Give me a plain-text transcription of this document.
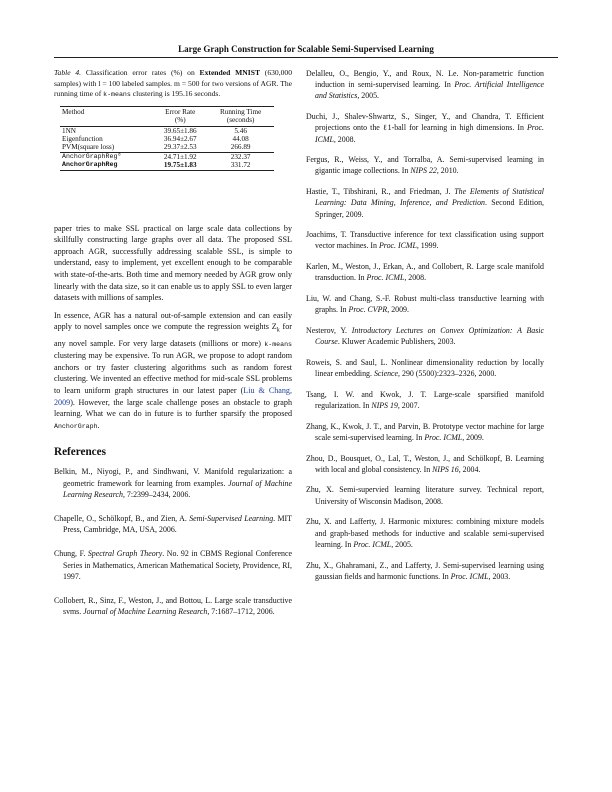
Large Graph Construction for Scalable Semi-Supervised Learning
Table 4. Classification error rates (%) on Extended MNIST (630,000 samples) with l = 100 labeled samples. m = 500 for two versions of AGR. The running time of k-means clustering is 195.16 seconds.
Method	Error Rate	Running Time
	(%)	(seconds)
1NN	39.65±1.86	5.46
Eigenfunction	36.94±2.67	44.08
PVM(square loss)	29.37±2.53	266.89
AnchorGraphReg⁰	24.71±1.92	232.37
AnchorGraphReg	19.75±1.83	331.72

paper tries to make SSL practical on large scale data collections by skillfully constructing large graphs over all data. The proposed SSL approach AGR, successfully addressing scalable SSL, is simple to understand, easy to implement, yet excellent enough to be comparable with state-of-the-arts. Both time and memory needed by AGR grow only linearly with the data size, so it can enable us to apply SSL to even larger datasets with millions of samples.

In essence, AGR has a natural out-of-sample extension and can easily apply to novel samples once we compute the regression weights $Z_k$ for any novel sample. For very large datasets (millions or more) k-means clustering may be expensive. To run AGR, we propose to adopt random anchors or try faster clustering algorithms such as random forest clustering. We invented an effective method for mid-scale SSL problems to learn uniform graph structures in our latest paper (Liu & Chang, 2009). However, the large scale challenge poses an obstacle to graph learning. What we can do in future is to further sparsify the proposed AnchorGraph.

References

Belkin, M., Niyogi, P., and Sindhwani, V. Manifold regularization: a geometric framework for learning from examples. Journal of Machine Learning Research, 7:2399–2434, 2006.

Chapelle, O., Schölkopf, B., and Zien, A. Semi-Supervised Learning. MIT Press, Cambridge, MA, USA, 2006.

Chung, F. Spectral Graph Theory. No. 92 in CBMS Regional Conference Series in Mathematics, American Mathematical Society, Providence, RI, 1997.

Collobert, R., Sinz, F., Weston, J., and Bottou, L. Large scale transductive svms. Journal of Machine Learning Research, 7:1687–1712, 2006.

Delalleu, O., Bengio, Y., and Roux, N. Le. Non-parametric function induction in semi-supervised learning. In Proc. Artificial Intelligence and Statistics, 2005.

Duchi, J., Shalev-Shwartz, S., Singer, Y., and Chandra, T. Efficient projections onto the ℓ1-ball for learning in high dimensions. In Proc. ICML, 2008.

Fergus, R., Weiss, Y., and Torralba, A. Semi-supervised learning in gigantic image collections. In NIPS 22, 2010.

Hastie, T., Tibshirani, R., and Friedman, J. The Elements of Statistical Learning: Data Mining, Inference, and Prediction. Second Edition, Springer, 2009.

Joachims, T. Transductive inference for text classification using support vector machines. In Proc. ICML, 1999.

Karlen, M., Weston, J., Erkan, A., and Collobert, R. Large scale manifold transduction. In Proc. ICML, 2008.

Liu, W. and Chang, S.-F. Robust multi-class transductive learning with graphs. In Proc. CVPR, 2009.

Nesterov, Y. Introductory Lectures on Convex Optimization: A Basic Course. Kluwer Academic Publishers, 2003.

Roweis, S. and Saul, L. Nonlinear dimensionality reduction by locally linear embedding. Science, 290 (5500):2323–2326, 2000.

Tsang, I. W. and Kwok, J. T. Large-scale sparsified manifold regularization. In NIPS 19, 2007.

Zhang, K., Kwok, J. T., and Parvin, B. Prototype vector machine for large scale semi-supervised learning. In Proc. ICML, 2009.

Zhou, D., Bousquet, O., Lal, T., Weston, J., and Schölkopf, B. Learning with local and global consistency. In NIPS 16, 2004.

Zhu, X. Semi-supervied learning literature survey. Technical report, University of Wisconsin Madison, 2008.

Zhu, X. and Lafferty, J. Harmonic mixtures: combining mixture models and graph-based methods for inductive and scalable semi-supervised learning. In Proc. ICML, 2005.

Zhu, X., Ghahramani, Z., and Lafferty, J. Semi-supervised learning using gaussian fields and harmonic functions. In Proc. ICML, 2003.
